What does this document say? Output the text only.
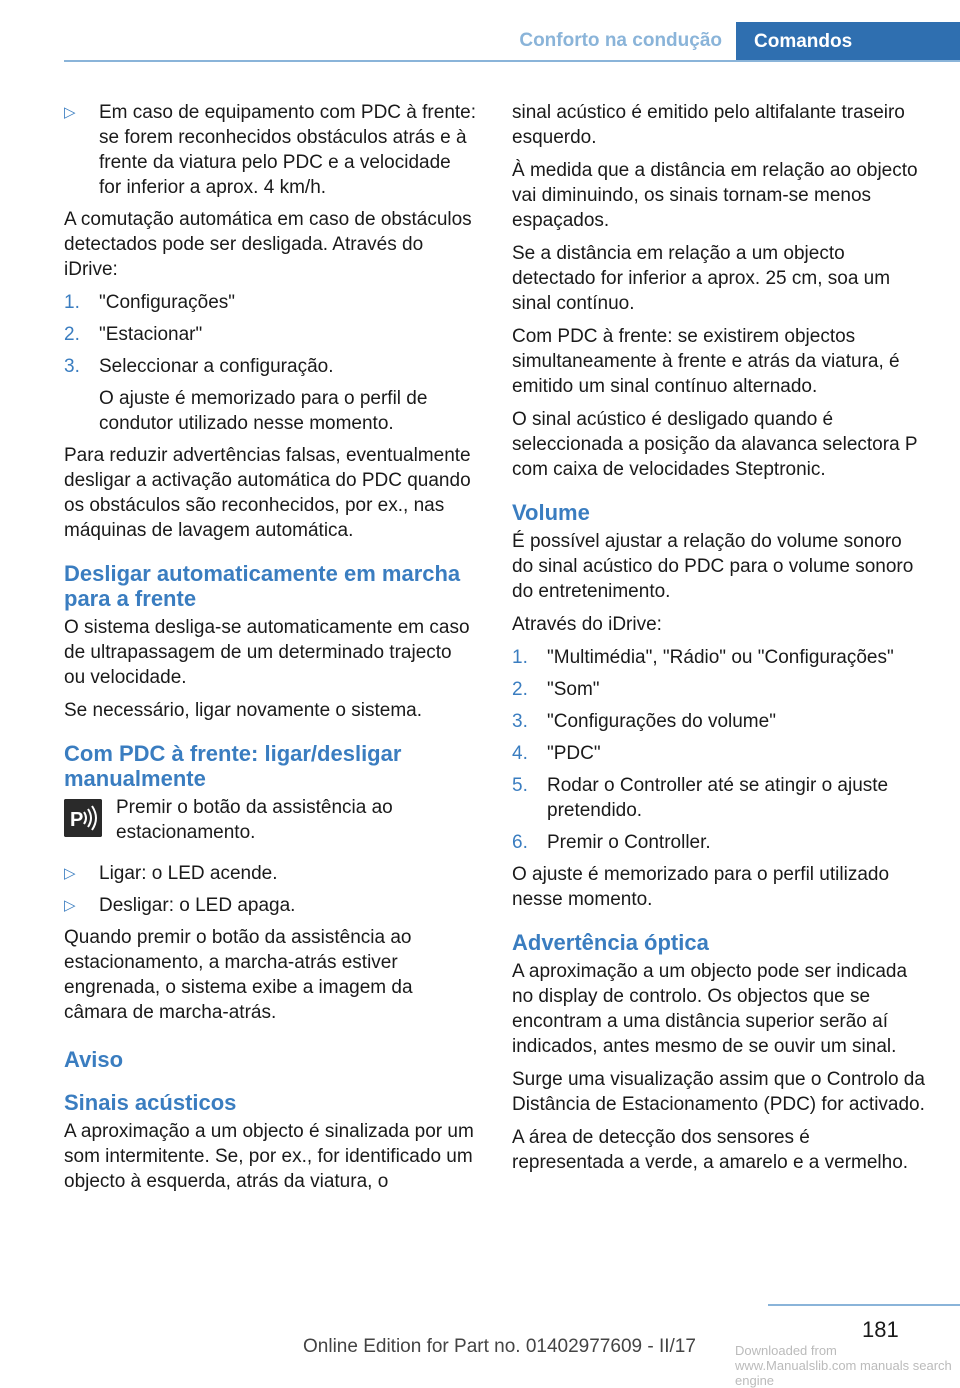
Conforto na condução	Comandos
▷ Em caso de equipamento com PDC à frente: se forem reconhecidos obstáculos atrás e à frente da viatura pelo PDC e a velocidade for inferior a aprox. 4 km/h.

A comutação automática em caso de obstáculos detectados pode ser desligada. Através do iDrive:

1. "Configurações"
2. "Estacionar"
3. Seleccionar a configuração.
O ajuste é memorizado para o perfil de condutor utilizado nesse momento.

Para reduzir advertências falsas, eventualmente desligar a activação automática do PDC quando os obstáculos são reconhecidos, por ex., nas máquinas de lavagem automática.

Desligar automaticamente em marcha para a frente

O sistema desliga-se automaticamente em caso de ultrapassagem de um determinado trajecto ou velocidade.

Se necessário, ligar novamente o sistema.

Com PDC à frente: ligar/desligar manualmente
P
Premir o botão da assistência ao estacionamento.
▷ Ligar: o LED acende.
▷ Desligar: o LED apaga.

Quando premir o botão da assistência ao estacionamento, a marcha-atrás estiver engrenada, o sistema exibe a imagem da câmara de marcha-atrás.

Aviso
Sinais acústicos

A aproximação a um objecto é sinalizada por um som intermitente. Se, por ex., for identificado um objecto à esquerda, atrás da viatura, o

sinal acústico é emitido pelo altifalante traseiro esquerdo.

À medida que a distância em relação ao objecto vai diminuindo, os sinais tornam-se menos espaçados.

Se a distância em relação a um objecto detectado for inferior a aprox. 25 cm, soa um sinal contínuo.

Com PDC à frente: se existirem objectos simultaneamente à frente e atrás da viatura, é emitido um sinal contínuo alternado.

O sinal acústico é desligado quando é seleccionada a posição da alavanca selectora P com caixa de velocidades Steptronic.

Volume

É possível ajustar a relação do volume sonoro do sinal acústico do PDC para o volume sonoro do entretenimento.

Através do iDrive:

1. "Multimédia", "Rádio" ou "Configurações"
2. "Som"
3. "Configurações do volume"
4. "PDC"
5. Rodar o Controller até se atingir o ajuste pretendido.
6. Premir o Controller.

O ajuste é memorizado para o perfil utilizado nesse momento.

Advertência óptica

A aproximação a um objecto pode ser indicada no display de controlo. Os objectos que se encontram a uma distância superior serão aí indicados, antes mesmo de se ouvir um sinal.

Surge uma visualização assim que o Controlo da Distância de Estacionamento (PDC) for activado.

A área de detecção dos sensores é representada a verde, a amarelo e a vermelho.

181
Downloaded from www.Manualslib.com manuals search engine
Online Edition for Part no. 01402977609 - II/17
